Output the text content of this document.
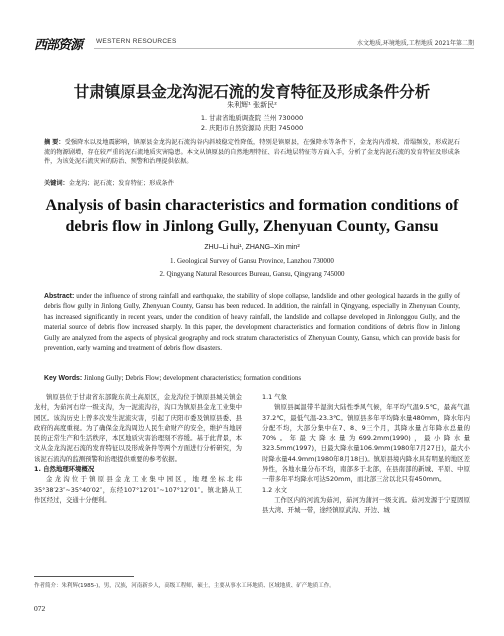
西部资源 WESTERN RESOURCES	水文地质,环境地质,工程地质 2021年第二期
甘肃镇原县金龙沟泥石流的发育特征及形成条件分析
朱利辉¹ 张新民²
1. 甘肃省地质调查院 兰州 730000
2. 庆阳市自然资源局 庆阳 745000
摘 要：受强降水以及地震影响，镇原县金龙沟泥石流沟谷内斜坡稳定性降低，特别是镇原县，在强降水等条件下，金龙沟内滑坡、滑塌频发，形成泥石流的物源剧增，存在较严重的泥石流地质灾害隐患。本文从镇原县的自然地理特征、岩石地层特征等方面入手，分析了金龙沟泥石流的发育特征及形成条件，为该处泥石流灾害的防治、预警和治理提供依据。
关键词：金龙沟；泥石流；发育特征；形成条件
Analysis of basin characteristics and formation conditions of debris flow in Jinlong Gully, Zhenyuan County, Gansu
ZHU–Li hui¹, ZHANG–Xin min²
1. Geological Survey of Gansu Province, Lanzhou 730000
2. Qingyang Natural Resources Bureau, Gansu, Qingyang 745000
Abstract: under the influence of strong rainfall and earthquake, the stability of slope collapse, landslide and other geological hazards in the gully of debris flow gully in Jinlong Gully, Zhenyuan County, Gansu has been reduced. In addition, the rainfall in Qingyang, especially in Zhenyuan County, has increased significantly in recent years, under the condition of heavy rainfall, the landslide and collapse developed in Jinlonggou Gully, and the material source of debris flow increased sharply. In this paper, the development characteristics and formation conditions of debris flow in Jinlong Gully are analyzed from the aspects of physical geography and rock stratum characteristics of Zhenyuan County, Gansu, which can provide basis for prevention, early warning and treatment of debris flow disasters.
Key Words: Jinlong Gully; Debris Flow; development characteristics; formation conditions

镇原县位于甘肃省东部陇东黄土高原区，金龙沟位于镇原县城关镇金龙村，为茹河右岸一级支沟，为一泥流沟谷，沟口为镇原县金龙工业集中园区。该沟历史上曾多次发生泥流灾害，引起了庆阳市委及镇原县委、县政府的高度重视。为了确保金龙沟周边人民生命财产的安全，维护当地居民的正常生产和生活秩序，本区地质灾害治理刻不容缓。基于此背景，本文从金龙沟泥石流的发育特征以及形成条件等两个方面进行分析研究，为该泥石流沟的监测预警和治理提供重要的参考依据。

1. 自然地理环境概况

金龙沟位于镇原县金龙工业集中园区，地理坐标北纬35°38′23″~35°40′02″，东经107°12′01″~107°12′01″。镇北路从工作区经过，交通十分便利。

1.1 气象

镇原县属温带半湿润大陆性季风气候，年平均气温9.5℃，最高气温37.2℃，最低气温-23.3℃。镇原县多年平均降水量480mm，降水年内分配不均，大部分集中在7、8、9三个月，其降水量占年降水总量的70%。年最大降水量为699.2mm(1990)，最小降水量323.5mm(1997)，日最大降水量106.9mm(1980年7月27日)，最大小时降水量44.9mm(1980年8月18日)。镇原县境内降水具有明显的地区差异性，各地水量分布不均，南部多于北部，在县南部的新城、平原、中原一带多年平均降水可达520mm，而北部三岔以北只有450mm。

1.2 水文

工作区内的河流为茹河，茹河为蒲河一级支流。茹河发源于宁夏固原县大湾、开城一带，途经镇原武沟、开边、城

作者简介：朱利辉(1985-)，男，汉族，河南新乡人，高级工程师，硕士，主要从事水工环地质、区域地质、矿产地质工作。
072
